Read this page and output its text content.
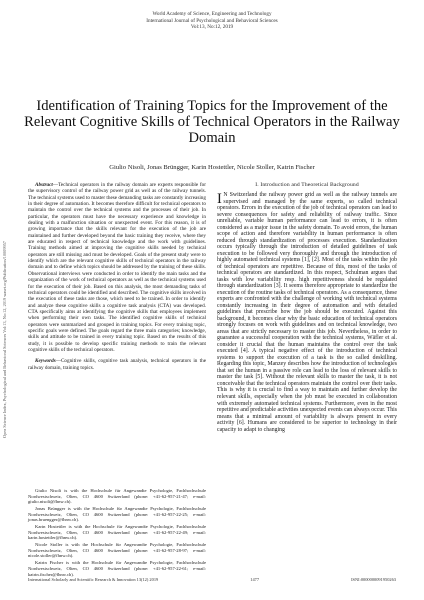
World Academy of Science, Engineering and Technology
International Journal of Psychological and Behavioral Sciences
Vol:13, No:12, 2019
Identification of Training Topics for the Improvement of the Relevant Cognitive Skills of Technical Operators in the Railway Domain
Giulio Nisoli, Jonas Brüngger, Karin Hostettler, Nicole Stoller, Katrin Fischer
Open Science Index, Psychological and Behavioral Sciences Vol:13, No:12, 2019 waset.org/Publication/10009957

Abstract—Technical operators in the railway domain are experts responsible for the supervisory control of the railway power grid as well as of the railway tunnels. The technical systems used to master these demanding tasks are constantly increasing in their degree of automation. It becomes therefore difficult for technical operators to maintain the control over the technical systems and the processes of their job. In particular, the operators must have the necessary experience and knowledge in dealing with a malfunction situation or unexpected event. For this reason, it is of growing importance that the skills relevant for the execution of the job are maintained and further developed beyond the basic training they receive, where they are educated in respect of technical knowledge and the work with guidelines. Training methods aimed at improving the cognitive skills needed by technical operators are still missing and must be developed. Goals of the present study were to identify which are the relevant cognitive skills of technical operators in the railway domain and to define which topics should be addressed by the training of these skills. Observational interviews were conducted in order to identify the main tasks and the organization of the work of technical operators as well as the technical systems used for the execution of their job. Based on this analysis, the most demanding tasks of technical operators could be identified and described. The cognitive skills involved in the execution of these tasks are those, which need to be trained. In order to identify and analyze these cognitive skills a cognitive task analysis (CTA) was developed. CTA specifically aims at identifying the cognitive skills that employees implement when performing their own tasks. The identified cognitive skills of technical operators were summarized and grouped in training topics. For every training topic, specific goals were defined. The goals regard the three main categories; knowledge, skills and attitude to be trained in every training topic. Based on the results of this study, it is possible to develop specific training methods to train the relevant cognitive skills of the technical operators.

Keywords—Cognitive skills, cognitive task analysis, technical operators in the railway domain, training topics.

Giulio Nisoli is with the Hochschule für Angewandte Psychologie, Fachhochschule Nordwestschweiz, Olten, CO 4600 Switzerland (phone: +41-62-957-21-47; e-mail: giulio.nisoli@fhnw.ch).

Jonas Brüngger is with the Hochschule für Angewandte Psychologie, Fachhochschule Nordwestschweiz, Olten, CO 4600 Switzerland (phone: +41-62-957-22-25; e-mail: jonas.bruengger@fhnw.ch).

Karin Hostettler is with the Hochschule für Angewandte Psychologie, Fachhochschule Nordwestschweiz, Olten, CO 4600 Switzerland (phone: +41-62-957-22-49; e-mail: karin.hostettler@fhnw.ch).

Nicole Stoller is with the Hochschule für Angewandte Psychologie, Fachhochschule Nordwestschweiz, Olten, CO 4600 Switzerland (phone: +41-62-957-28-97; e-mail: nicole.stoller@fhnw.ch).

Katrin Fischer is with the Hochschule für Angewandte Psychologie, Fachhochschule Nordwestschweiz, Olten, CO 4600 Switzerland (phone: +41-62-957-22-61; e-mail: katrin.fischer@fhnw.ch).

I. Introduction and Theoretical Background

I N Switzerland the railway power grid as well as the railway tunnels are supervised and managed by the same experts, so called technical operators. Errors in the execution of the job of technical operators can lead to severe consequences for safety and reliability of railway traffic. Since unreliable, variable human performance can lead to errors, it is often considered as a major issue in the safety domain. To avoid errors, the human scope of action and therefore variability in human performance is often reduced through standardization of processes execution. Standardization occurs typically through the introduction of detailed guidelines of task execution to be followed very thoroughly and through the introduction of highly automated technical systems [1], [2]. Most of the tasks within the job of technical operators are repetitive. Because of this, most of the tasks of technical operators are standardized. In this respect, Schulman argues that tasks with low variability resp. high repetitiveness should be regulated through standardization [3]. It seems therefore appropriate to standardize the execution of the routine tasks of technical operators. As a consequence, these experts are confronted with the challenge of working with technical systems constantly increasing in their degree of automation and with detailed guidelines that prescribe how the job should be executed. Against this background, it becomes clear why the basic education of technical operators strongly focuses on work with guidelines and on technical knowledge, two areas that are strictly necessary to master this job. Nevertheless, in order to guarantee a successful cooperation with the technical systems, Wäfler et al. consider it crucial that the human maintains the control over the task executed [4]. A typical negative effect of the introduction of technical systems to support the execution of a task is the so called deskilling. Regarding this topic, Manzey describes how the introduction of technologies that set the human in a passive role can lead to the loss of relevant skills to master the task [5]. Without the relevant skills to master the task, it is not conceivable that the technical operators maintain the control over their tasks. This is why it is crucial to find a way to maintain and further develop the relevant skills, especially when the job must be executed in collaboration with extremely automated technical systems. Furthermore, even in the most repetitive and predictable activities unexpected events can always occur. This means that a minimal amount of variability is always present in every activity [6]. Humans are considered to be superior to technology in their capacity to adapt to changing

International Scholarly and Scientific Research & Innovation 13(12) 2019	1477	ISNI:0000000091950263
